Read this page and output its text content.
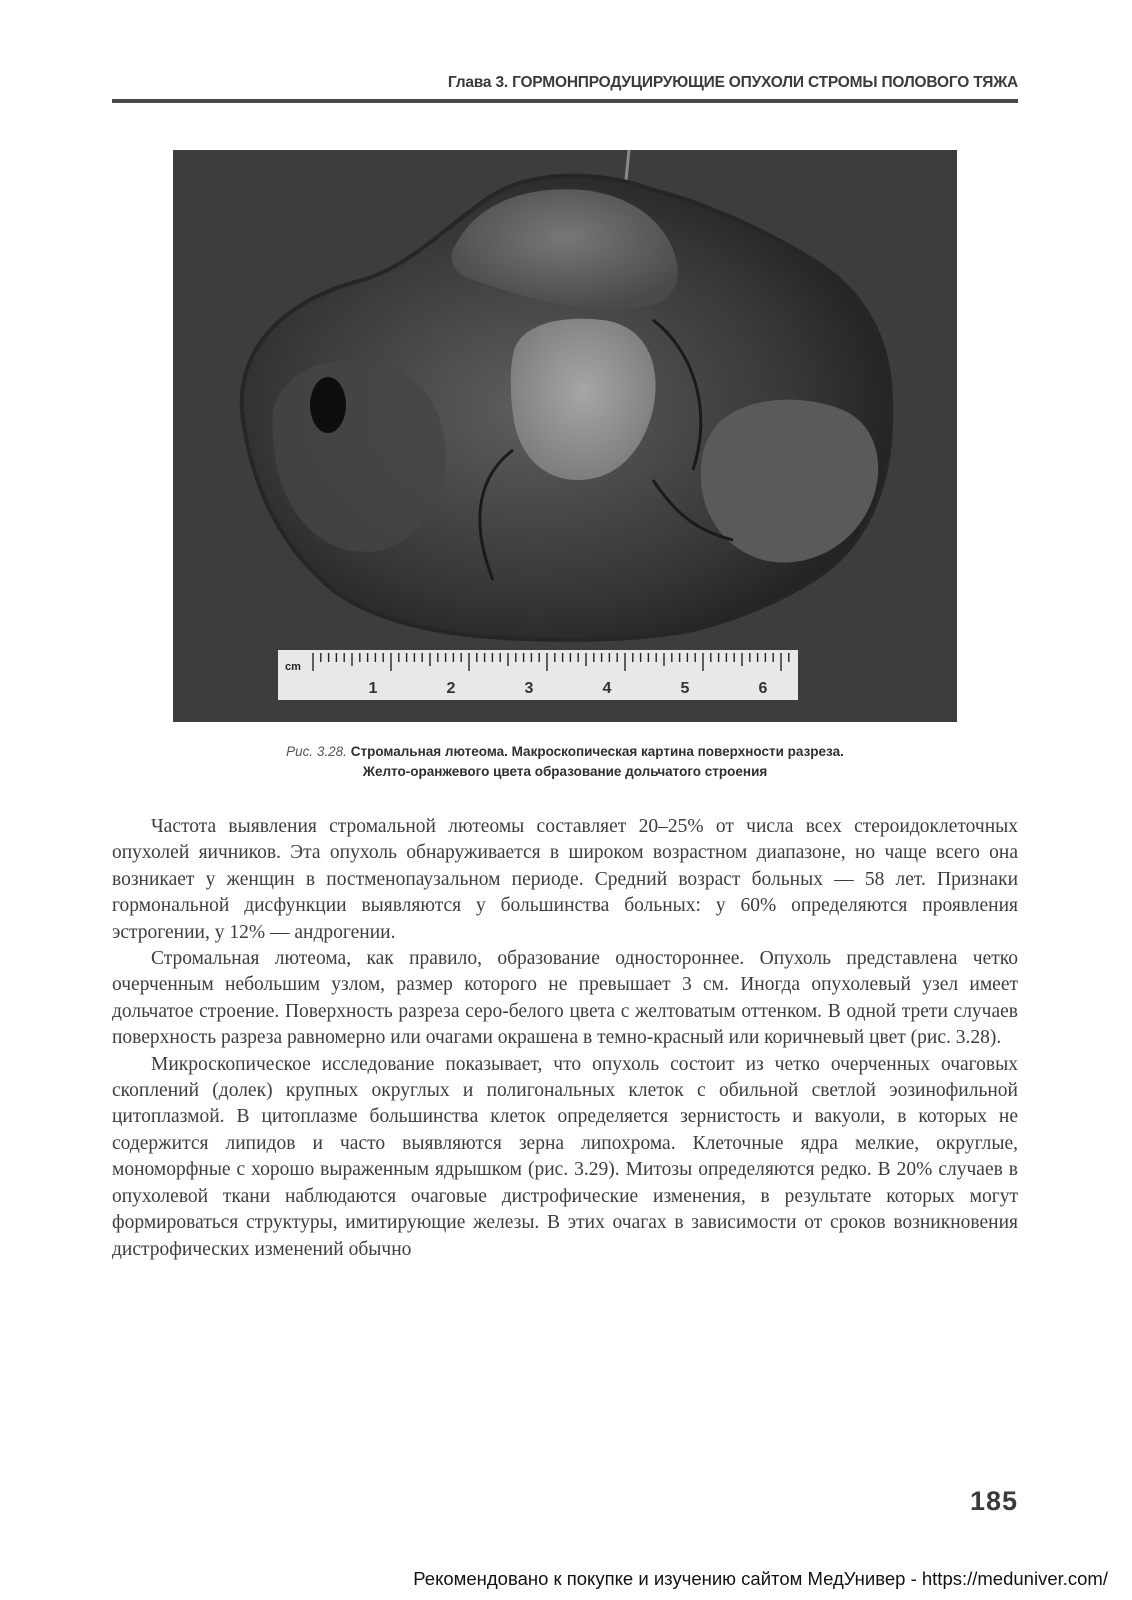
Глава 3. ГОРМОНПРОДУЦИРУЮЩИЕ ОПУХОЛИ СТРОМЫ ПОЛОВОГО ТЯЖА
cm
1	2	3	4	5	6
Рис. 3.28. Стромальная лютеома. Макроскопическая картина поверхности разреза.
Желто-оранжевого цвета образование дольчатого строения

Частота выявления стромальной лютеомы составляет 20–25% от числа всех стероидоклеточных опухолей яичников. Эта опухоль обнаруживается в широком возрастном диапазоне, но чаще всего она возникает у женщин в постменопаузальном периоде. Средний возраст больных — 58 лет. Признаки гормональной дисфункции выявляются у большинства больных: у 60% определяются проявления эстрогении, у 12% — андрогении.

Стромальная лютеома, как правило, образование одностороннее. Опухоль представлена четко очерченным небольшим узлом, размер которого не превышает 3 см. Иногда опухолевый узел имеет дольчатое строение. Поверхность разреза серо-белого цвета с желтоватым оттенком. В одной трети случаев поверхность разреза равномерно или очагами окрашена в темно-красный или коричневый цвет (рис. 3.28).

Микроскопическое исследование показывает, что опухоль состоит из четко очерченных очаговых скоплений (долек) крупных округлых и полигональных клеток с обильной светлой эозинофильной цитоплазмой. В цитоплазме большинства клеток определяется зернистость и вакуоли, в которых не содержится липидов и часто выявляются зерна липохрома. Клеточные ядра мелкие, округлые, мономорфные с хорошо выраженным ядрышком (рис. 3.29). Митозы определяются редко. В 20% случаев в опухолевой ткани наблюдаются очаговые дистрофические изменения, в результате которых могут формироваться структуры, имитирующие железы. В этих очагах в зависимости от сроков возникновения дистрофических изменений обычно

185
Рекомендовано к покупке и изучению сайтом МедУнивер - https://meduniver.com/
